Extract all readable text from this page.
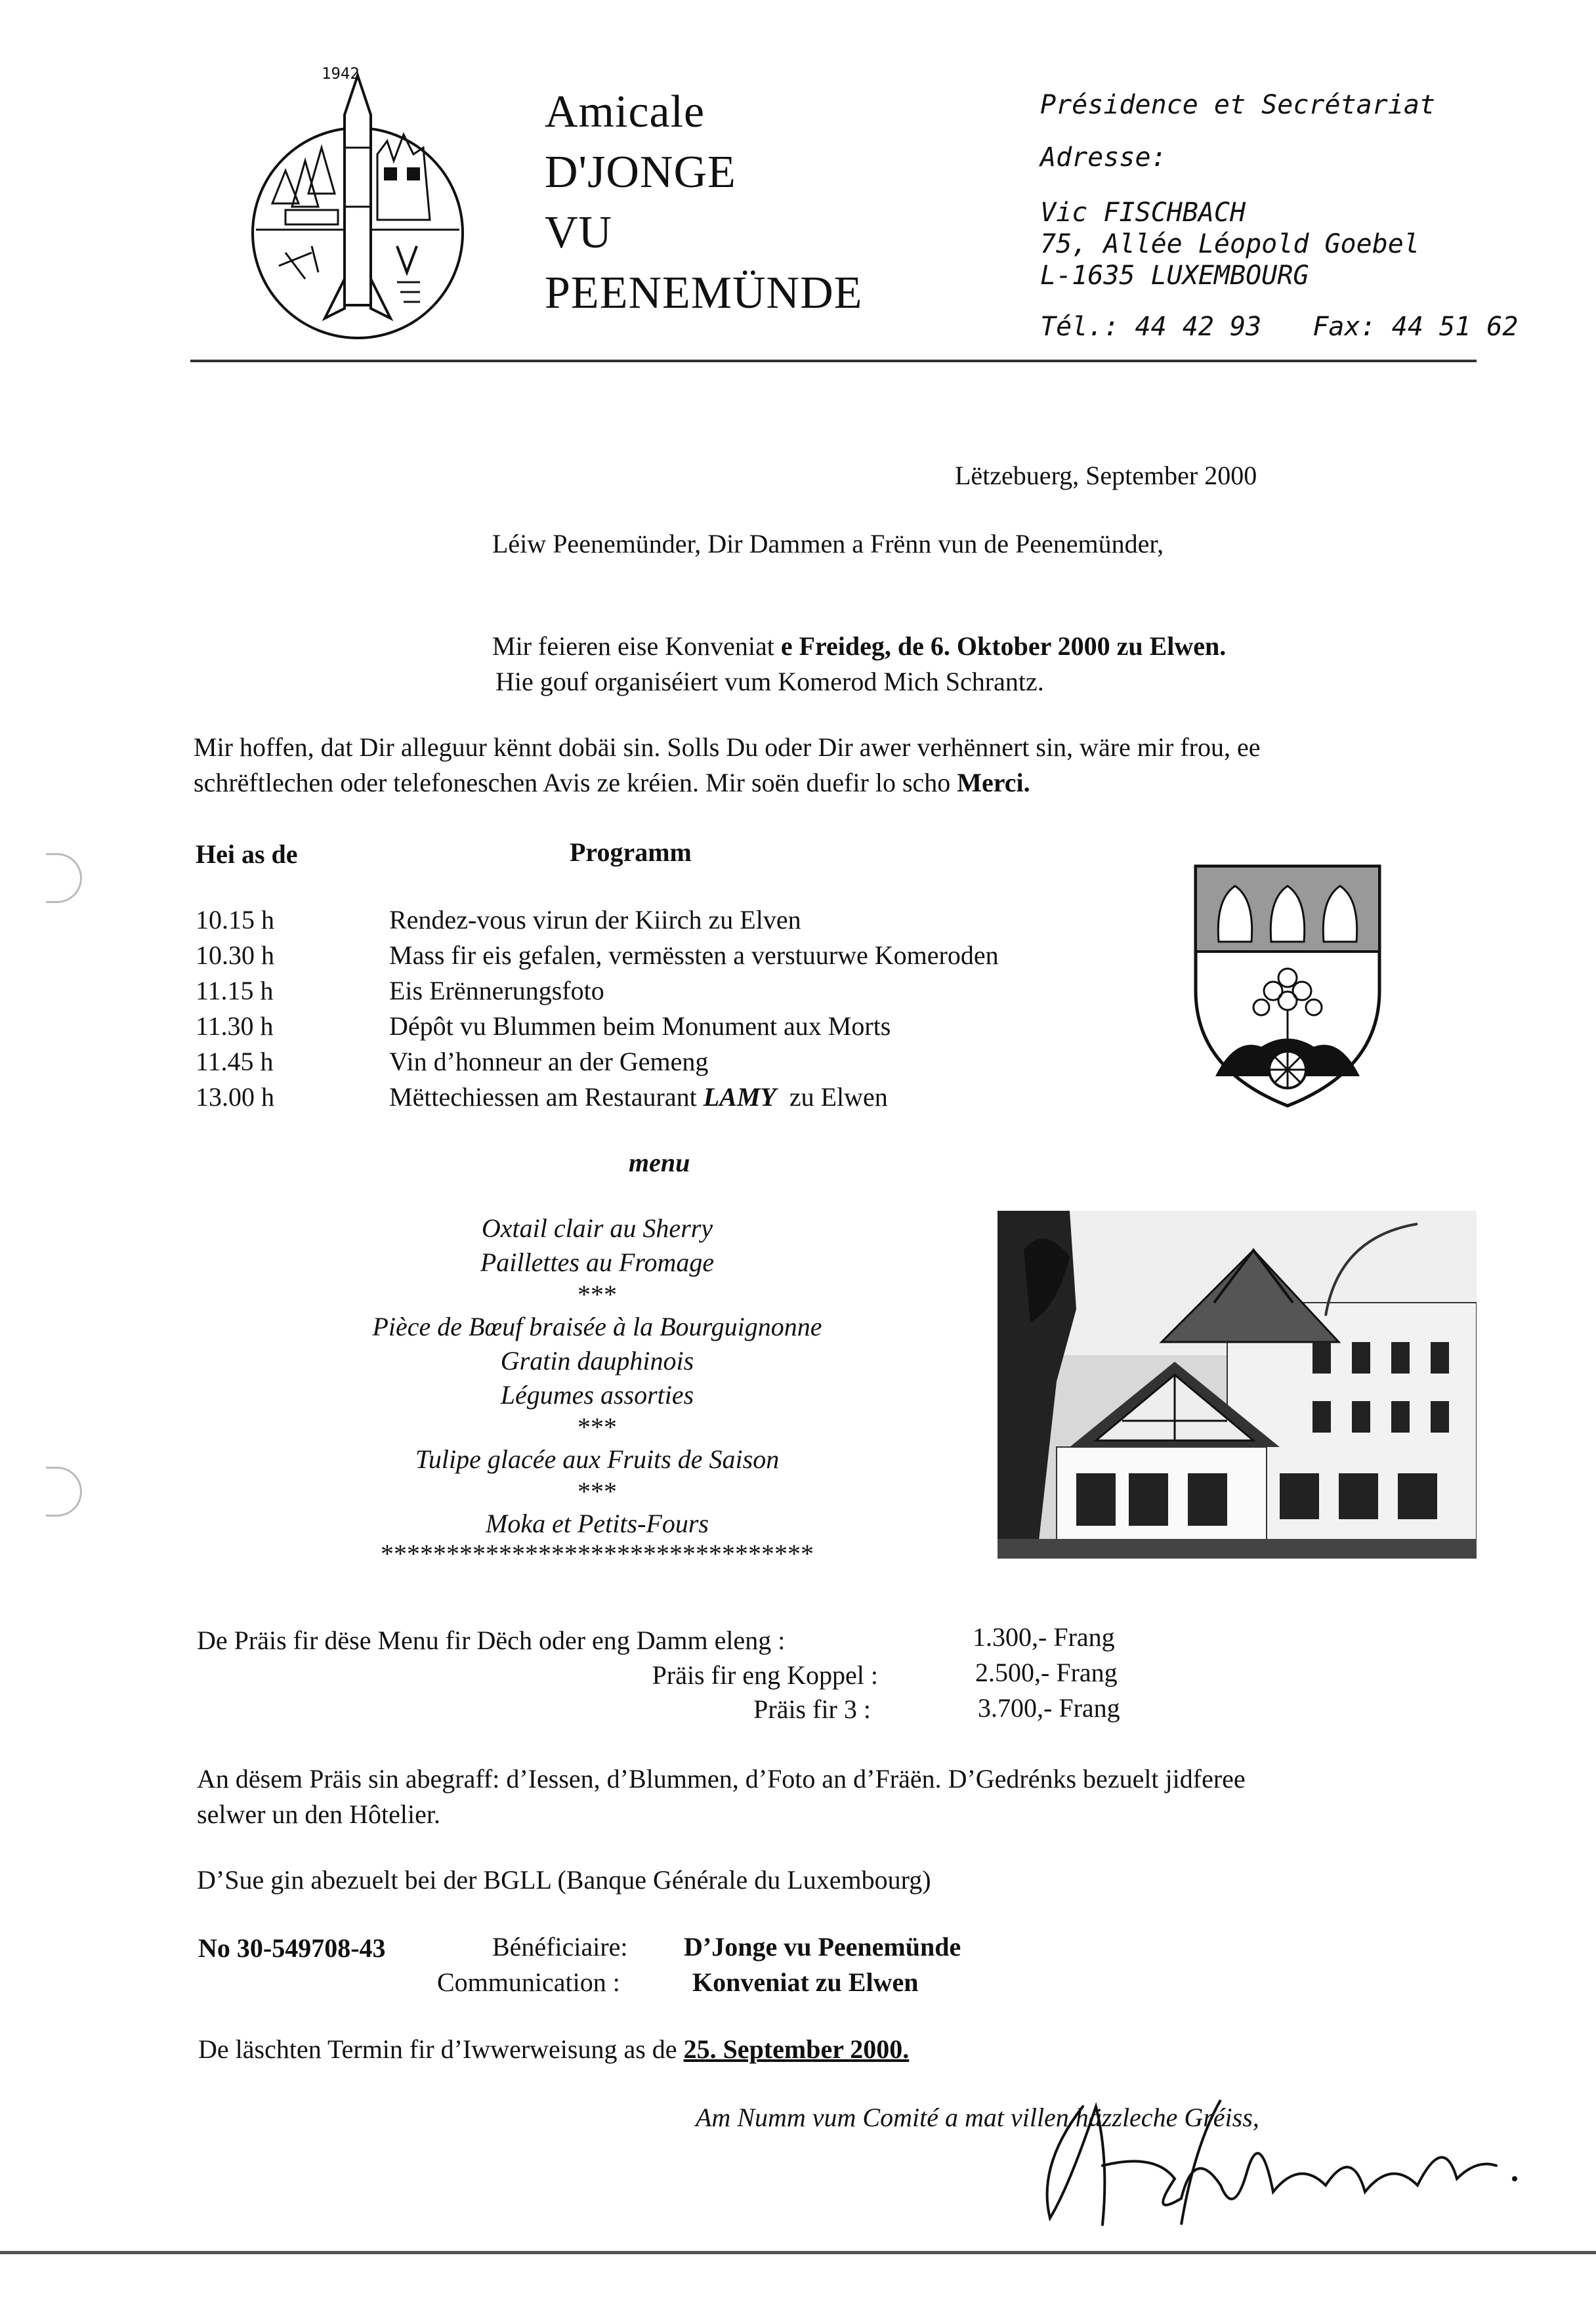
1942
Amicale
D'JONGE
VU
PEENEMÜNDE
Présidence et Secrétariat
Adresse:
Vic FISCHBACH
75, Allée Léopold Goebel
L-1635 LUXEMBOURG
Tél.: 44 42 93 Fax: 44 51 62
Lëtzebuerg, September 2000
Léiw Peenemünder, Dir Dammen a Frënn vun de Peenemünder,
Mir feieren eise Konveniat e Freideg, de 6. Oktober 2000 zu Elwen.
Hie gouf organiséiert vum Komerod Mich Schrantz.
Mir hoffen, dat Dir alleguur kënnt dobäi sin. Solls Du oder Dir awer verhënnert sin, wäre mir frou, ee
schrëftlechen oder telefoneschen Avis ze kréien. Mir soën duefir lo scho Merci.
Hei as de	Programm
10.15 h	Rendez-vous virun der Kiirch zu Elven
10.30 h	Mass fir eis gefalen, vermëssten a verstuurwe Komeroden
11.15 h	Eis Erënnerungsfoto
11.30 h	Dépôt vu Blummen beim Monument aux Morts
11.45 h	Vin d’honneur an der Gemeng
13.00 h	Mëttechiessen am Restaurant LAMY  zu Elwen
menu
Oxtail clair au Sherry
Paillettes au Fromage
***
Pièce de Bœuf braisée à la Bourguignonne
Gratin dauphinois
Légumes assorties
***
Tulipe glacée aux Fruits de Saison
***
Moka et Petits-Fours
*********************************
De Präis fir dëse Menu fir Dëch oder eng Damm eleng :	1.300,- Frang
Präis fir eng Koppel :	2.500,- Frang
Präis fir 3 :	3.700,- Frang
An dësem Präis sin abegraff: d’Iessen, d’Blummen, d’Foto an d’Fräën. D’Gedrénks bezuelt jidferee
selwer un den Hôtelier.
D’Sue gin abezuelt bei der BGLL (Banque Générale du Luxembourg)
No 30-549708-43	Bénéficiaire: D’Jonge vu Peenemünde
Communication :	Konveniat zu Elwen
De läschten Termin fir d’Iwwerweisung as de 25. September 2000.
Am Numm vum Comité a mat villen häzzleche Gréiss,
